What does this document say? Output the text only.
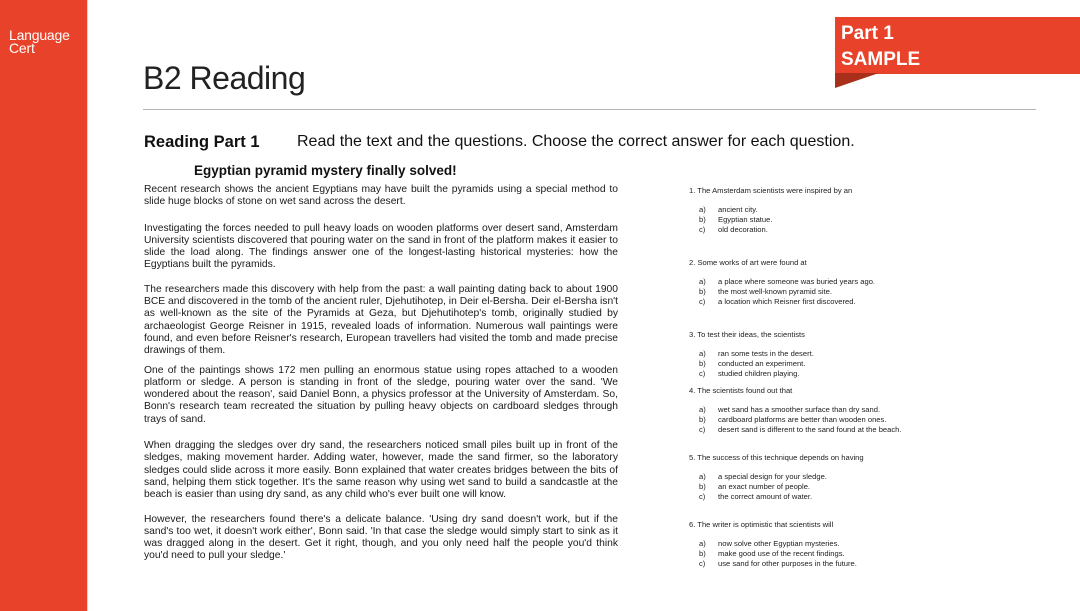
Language
Cert
Part 1
SAMPLE
B2 Reading
Reading Part 1 Read the text and the questions. Choose the correct answer for each question.
Egyptian pyramid mystery finally solved!

Recent research shows the ancient Egyptians may have built the pyramids using a special method to slide huge blocks of stone on wet sand across the desert.

Investigating the forces needed to pull heavy loads on wooden platforms over desert sand, Amsterdam University scientists discovered that pouring water on the sand in front of the platform makes it easier to slide the load along. The findings answer one of the longest-lasting historical mysteries: how the Egyptians built the pyramids.

The researchers made this discovery with help from the past: a wall painting dating back to about 1900 BCE and discovered in the tomb of the ancient ruler, Djehutihotep, in Deir el-Bersha. Deir el-Bersha isn't as well-known as the site of the Pyramids at Geza, but Djehutihotep's tomb, originally studied by archaeologist George Reisner in 1915, revealed loads of information. Numerous wall paintings were found, and even before Reisner's research, European travellers had visited the tomb and made precise drawings of them.

One of the paintings shows 172 men pulling an enormous statue using ropes attached to a wooden platform or sledge. A person is standing in front of the sledge, pouring water over the sand. 'We wondered about the reason', said Daniel Bonn, a physics professor at the University of Amsterdam. So, Bonn's research team recreated the situation by pulling heavy objects on cardboard sledges through trays of sand.

When dragging the sledges over dry sand, the researchers noticed small piles built up in front of the sledges, making movement harder. Adding water, however, made the sand firmer, so the laboratory sledges could slide across it more easily. Bonn explained that water creates bridges between the bits of sand, helping them stick together. It's the same reason why using wet sand to build a sandcastle at the beach is easier than using dry sand, as any child who's ever built one will know.

However, the researchers found there's a delicate balance. 'Using dry sand doesn't work, but if the sand's too wet, it doesn't work either', Bonn said. 'In that case the sledge would simply start to sink as it was dragged along in the desert. Get it right, though, and you only need half the people you'd think you'd need to pull your sledge.'

1. The Amsterdam scientists were inspired by an

a)	ancient city.
b)	Egyptian statue.
c)	old decoration.

2. Some works of art were found at

a)	a place where someone was buried years ago.
b)	the most well-known pyramid site.
c)	a location which Reisner first discovered.

3. To test their ideas, the scientists

a)	ran some tests in the desert.
b)	conducted an experiment.
c)	studied children playing.

4. The scientists found out that

a)	wet sand has a smoother surface than dry sand.
b)	cardboard platforms are better than wooden ones.
c)	desert sand is different to the sand found at the beach.

5. The success of this technique depends on having

a)	a special design for your sledge.
b)	an exact number of people.
c)	the correct amount of water.

6. The writer is optimistic that scientists will

a)	now solve other Egyptian mysteries.
b)	make good use of the recent findings.
c)	use sand for other purposes in the future.
